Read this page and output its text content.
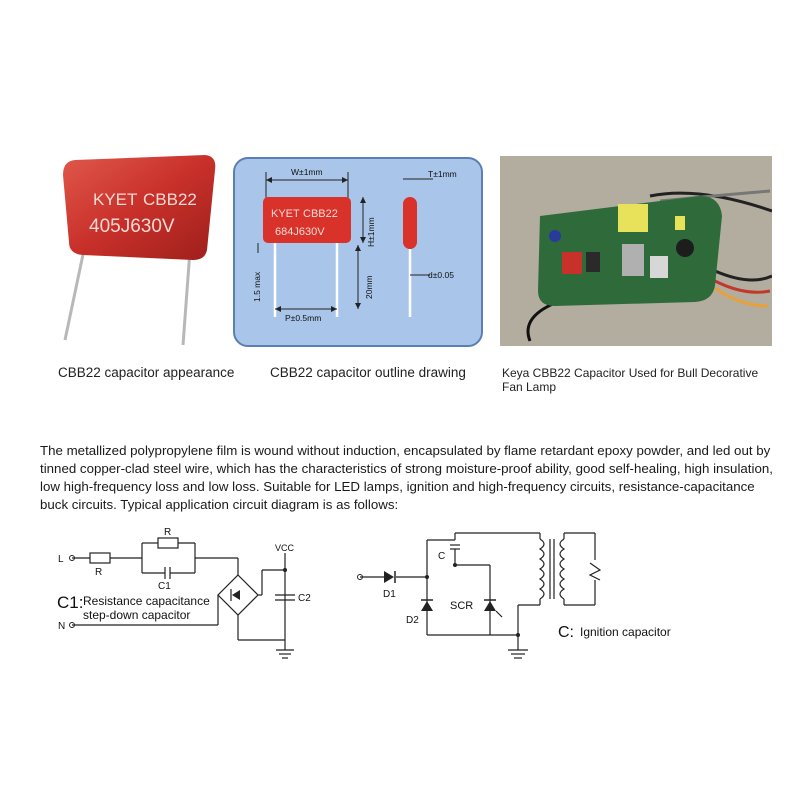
KYET CBB22
405J630V
W±1mm
KYET CBB22
684J630V	H±1mm
20mm
1.5 max
P±0.5mm
T±1mm
d±0.05
CBB22 capacitor appearance	CBB22 capacitor outline drawing	Keya CBB22 Capacitor Used for Bull Decorative Fan Lamp
The metallized polypropylene film is wound without induction, encapsulated by flame retardant epoxy powder, and led out by tinned copper-clad steel wire, which has the characteristics of strong moisture-proof ability, good self-healing, high insulation, low high-frequency loss and low loss. Suitable for LED lamps, ignition and high-frequency circuits, resistance-capacitance buck circuits. Typical application circuit diagram is as follows:
L
N
R
R
C1
VCC
C2
C1: Resistance capacitance
step-down capacitor
C
D1
D2
SCR
C: Ignition capacitor
